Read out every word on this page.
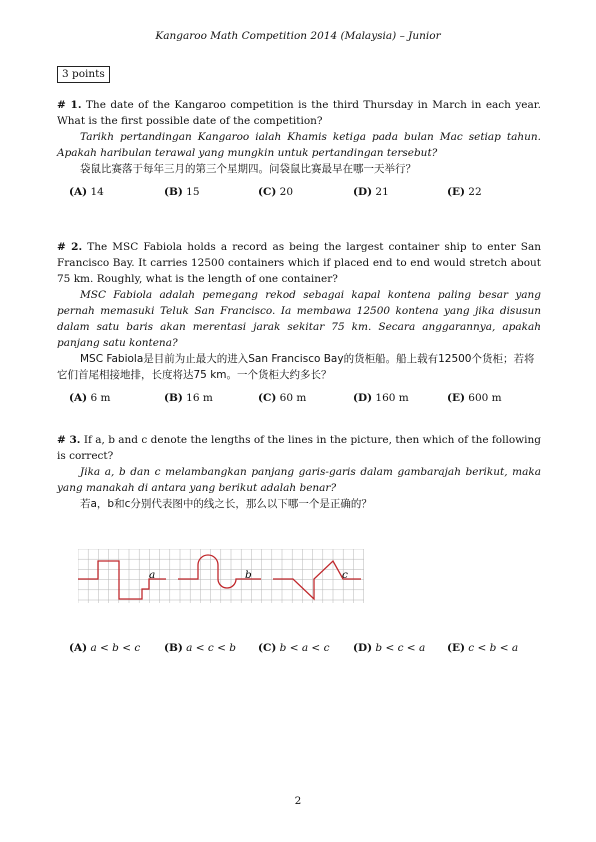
Kangaroo Math Competition 2014 (Malaysia) – Junior
3 points
# 1. The date of the Kangaroo competition is the third Thursday in March in each year. What is the first possible date of the competition?
Tarikh pertandingan Kangaroo ialah Khamis ketiga pada bulan Mac setiap tahun. Apakah haribulan terawal yang mungkin untuk pertandingan tersebut?
袋鼠比赛落于每年三月的第三个星期四。问袋鼠比赛最早在哪一天举行？
(A) 14	(B) 15	(C) 20	(D) 21	(E) 22
# 2. The MSC Fabiola holds a record as being the largest container ship to enter San Francisco Bay. It carries 12500 containers which if placed end to end would stretch about 75 km. Roughly, what is the length of one container?
MSC Fabiola adalah pemegang rekod sebagai kapal kontena paling besar yang pernah memasuki Teluk San Francisco. Ia membawa 12500 kontena yang jika disusun dalam satu baris akan merentasi jarak sekitar 75 km. Secara anggarannya, apakah panjang satu kontena?
MSC Fabiola是目前为止最大的进入San Francisco Bay的货柜船。船上载有12500个货柜；若将它们首尾相接地排，长度将达75 km。一个货柜大约多长？
(A) 6 m	(B) 16 m	(C) 60 m	(D) 160 m	(E) 600 m
# 3. If a, b and c denote the lengths of the lines in the picture, then which of the following is correct?
Jika a, b dan c melambangkan panjang garis-garis dalam gambarajah berikut, maka yang manakah di antara yang berikut adalah benar?
若a，b和c分别代表图中的线之长，那么以下哪一个是正确的？
a	b	c
(A) a < b < c (B) a < c < b (C) b < a < c (D) b < c < a (E) c < b < a
2
